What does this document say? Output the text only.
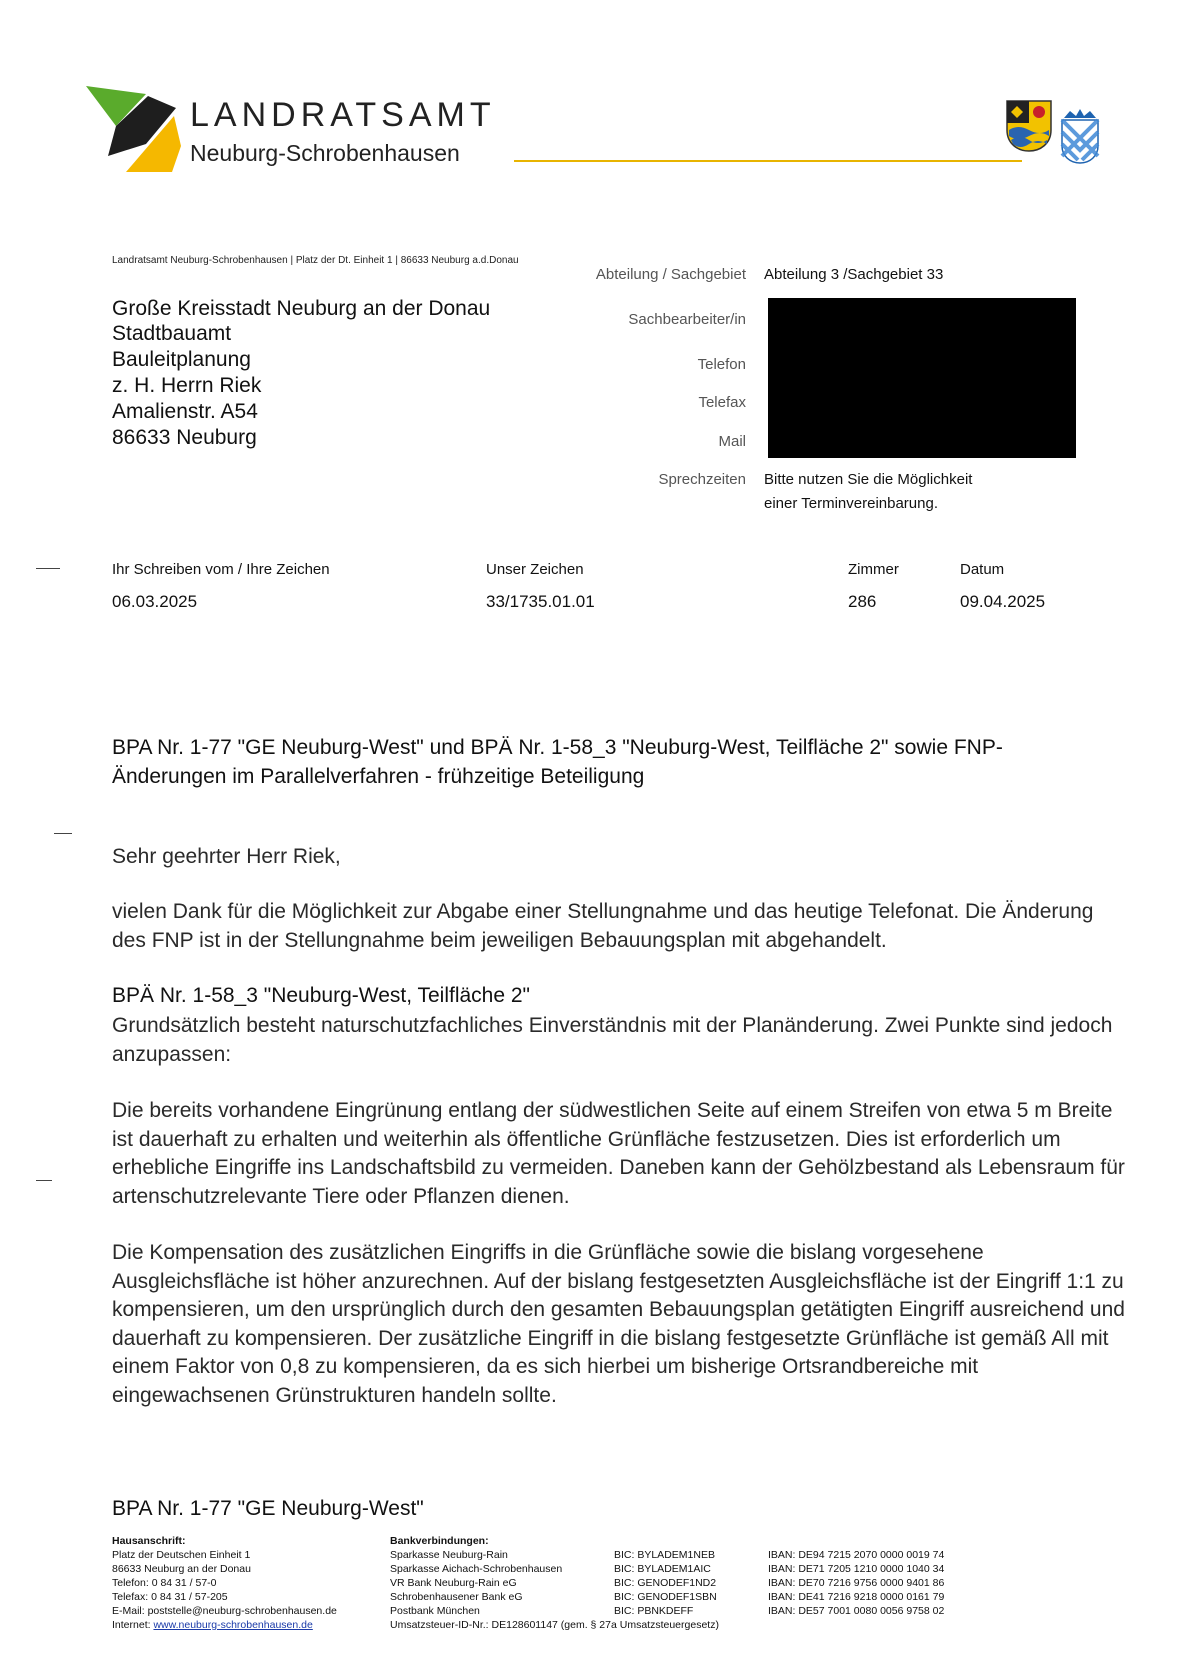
LANDRATSAMT
Neuburg-Schrobenhausen
Landratsamt Neuburg-Schrobenhausen | Platz der Dt. Einheit 1 | 86633 Neuburg a.d.Donau
Große Kreisstadt Neuburg an der Donau
Stadtbauamt
Bauleitplanung
z. H. Herrn Riek
Amalienstr. A54
86633 Neuburg
Abteilung / Sachgebiet Abteilung 3 /Sachgebiet 33
Sachbearbeiter/in
Telefon
Telefax
Mail
Sprechzeiten Bitte nutzen Sie die Möglichkeit
einer Terminvereinbarung.
Ihr Schreiben vom / Ihre Zeichen
06.03.2025
Unser Zeichen
33/1735.01.01
Zimmer
286
Datum
09.04.2025
BPA Nr. 1-77 "GE Neuburg-West" und BPÄ Nr. 1-58_3 "Neuburg-West, Teilfläche 2" sowie FNP-Änderungen im Parallelverfahren - frühzeitige Beteiligung
Sehr geehrter Herr Riek,
vielen Dank für die Möglichkeit zur Abgabe einer Stellungnahme und das heutige Telefonat. Die Änderung des FNP ist in der Stellungnahme beim jeweiligen Bebauungsplan mit abgehandelt.
BPÄ Nr. 1-58_3 "Neuburg-West, Teilfläche 2"
Grundsätzlich besteht naturschutzfachliches Einverständnis mit der Planänderung. Zwei Punkte sind jedoch anzupassen:
Die bereits vorhandene Eingrünung entlang der südwestlichen Seite auf einem Streifen von etwa 5 m Breite ist dauerhaft zu erhalten und weiterhin als öffentliche Grünfläche festzusetzen. Dies ist erforderlich um erhebliche Eingriffe ins Landschaftsbild zu vermeiden. Daneben kann der Gehölzbestand als Lebensraum für artenschutzrelevante Tiere oder Pflanzen dienen.
Die Kompensation des zusätzlichen Eingriffs in die Grünfläche sowie die bislang vorgesehene Ausgleichsfläche ist höher anzurechnen. Auf der bislang festgesetzten Ausgleichsfläche ist der Eingriff 1:1 zu kompensieren, um den ursprünglich durch den gesamten Bebauungsplan getätigten Eingriff ausreichend und dauerhaft zu kompensieren. Der zusätzliche Eingriff in die bislang festgesetzte Grünfläche ist gemäß All mit einem Faktor von 0,8 zu kompensieren, da es sich hierbei um bisherige Ortsrandbereiche mit eingewachsenen Grünstrukturen handeln sollte.
BPA Nr. 1-77 "GE Neuburg-West"
Hausanschrift:
Platz der Deutschen Einheit 1
86633 Neuburg an der Donau
Telefon: 0 84 31 / 57-0
Telefax: 0 84 31 / 57-205
E-Mail: poststelle@neuburg-schrobenhausen.de
Internet: www.neuburg-schrobenhausen.de
Bankverbindungen:
Sparkasse Neuburg-Rain
Sparkasse Aichach-Schrobenhausen
VR Bank Neuburg-Rain eG
Schrobenhausener Bank eG
Postbank München
Umsatzsteuer-ID-Nr.: DE128601147 (gem. § 27a Umsatzsteuergesetz)
BIC: BYLADEM1NEB
BIC: BYLADEM1AIC
BIC: GENODEF1ND2
BIC: GENODEF1SBN
BIC: PBNKDEFF
IBAN: DE94 7215 2070 0000 0019 74
IBAN: DE71 7205 1210 0000 1040 34
IBAN: DE70 7216 9756 0000 9401 86
IBAN: DE41 7216 9218 0000 0161 79
IBAN: DE57 7001 0080 0056 9758 02
